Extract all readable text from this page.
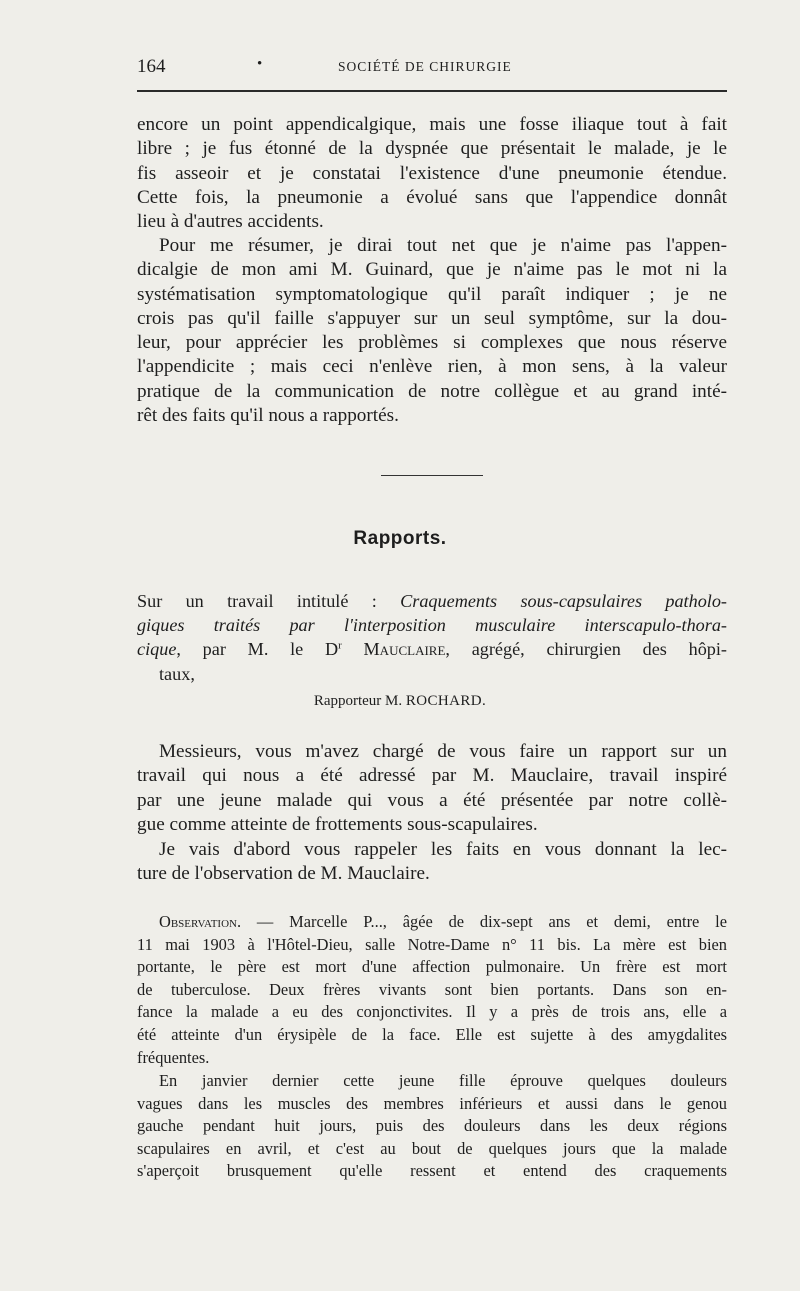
164	•	SOCIÉTÉ DE CHIRURGIE

encore un point appendicalgique, mais une fosse iliaque tout à fait
libre ; je fus étonné de la dyspnée que présentait le malade, je le
fis asseoir et je constatai l'existence d'une pneumonie étendue.
Cette fois, la pneumonie a évolué sans que l'appendice donnât
lieu à d'autres accidents.

Pour me résumer, je dirai tout net que je n'aime pas l'appen-
dicalgie de mon ami M. Guinard, que je n'aime pas le mot ni la
systématisation symptomatologique qu'il paraît indiquer ; je ne
crois pas qu'il faille s'appuyer sur un seul symptôme, sur la dou-
leur, pour apprécier les problèmes si complexes que nous réserve
l'appendicite ; mais ceci n'enlève rien, à mon sens, à la valeur
pratique de la communication de notre collègue et au grand inté-
rêt des faits qu'il nous a rapportés.

Rapports.

Sur un travail intitulé : Craquements sous-capsulaires patholo-
giques traités par l'interposition musculaire interscapulo-thora-
cique, par M. le $D^r$ Mauclaire, agrégé, chirurgien des hôpi-
taux,

Rapporteur M. ROCHARD.

Messieurs, vous m'avez chargé de vous faire un rapport sur un
travail qui nous a été adressé par M. Mauclaire, travail inspiré
par une jeune malade qui vous a été présentée par notre collè-
gue comme atteinte de frottements sous-scapulaires.

Je vais d'abord vous rappeler les faits en vous donnant la lec-
ture de l'observation de M. Mauclaire.

Observation. — Marcelle P..., âgée de dix-sept ans et demi, entre le
11 mai 1903 à l'Hôtel-Dieu, salle Notre-Dame n° 11 bis. La mère est bien
portante, le père est mort d'une affection pulmonaire. Un frère est mort
de tuberculose. Deux frères vivants sont bien portants. Dans son en-
fance la malade a eu des conjonctivites. Il y a près de trois ans, elle a
été atteinte d'un érysipèle de la face. Elle est sujette à des amygdalites
fréquentes.

En janvier dernier cette jeune fille éprouve quelques douleurs
vagues dans les muscles des membres inférieurs et aussi dans le genou
gauche pendant huit jours, puis des douleurs dans les deux régions
scapulaires en avril, et c'est au bout de quelques jours que la malade
s'aperçoit brusquement qu'elle ressent et entend des craquements
